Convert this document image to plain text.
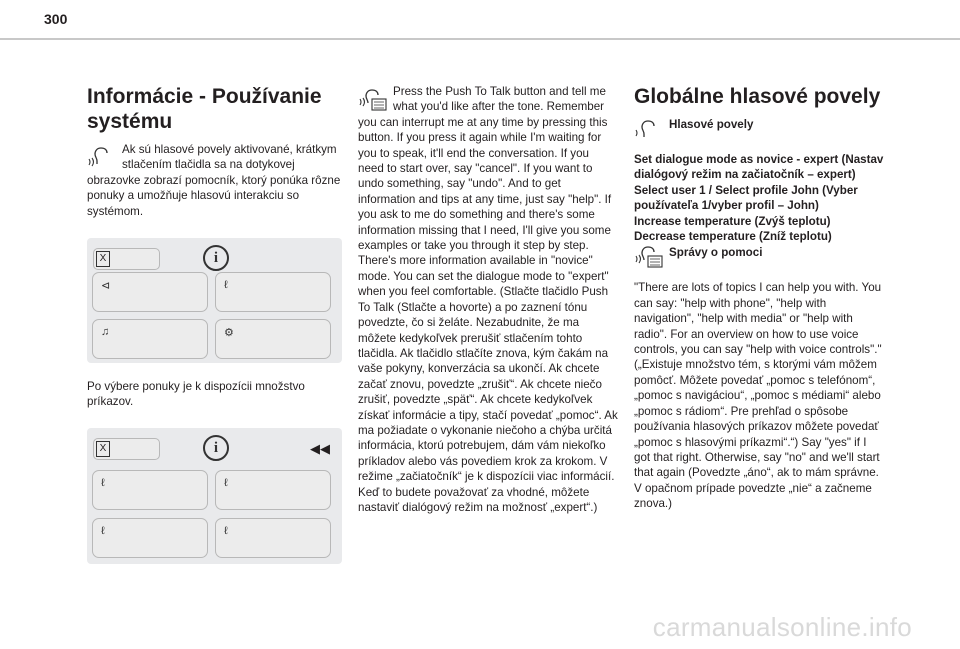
300
Informácie - Používanie systému

Ak sú hlasové povely aktivované, krátkym stlačením tlačidla sa na dotykovej obrazovke zobrazí pomocník, ktorý ponúka rôzne ponuky a umožňuje hlasovú interakciu so systémom.

X	i
⊲	ℓ
♫	⚙

Po výbere ponuky je k dispozícii množstvo príkazov.

X	i	◀◀
ℓ	ℓ
ℓ	ℓ

Press the Push To Talk button and tell me what you'd like after the tone. Remember you can interrupt me at any time by pressing this button. If you press it again while I'm waiting for you to speak, it'll end the conversation. If you need to start over, say "cancel". If you want to undo something, say "undo". And to get information and tips at any time, just say "help". If you ask to me do something and there's some information missing that I need, I'll give you some examples or take you through it step by step. There's more information available in "novice" mode. You can set the dialogue mode to "expert" when you feel comfortable. (Stlačte tlačidlo Push To Talk (Stlačte a hovorte) a po zaznení tónu povedzte, čo si želáte. Nezabudnite, že ma môžete kedykoľvek prerušiť stlačením tohto tlačidla. Ak tlačidlo stlačíte znova, kým čakám na vaše pokyny, konverzácia sa ukončí. Ak chcete začať znovu, povedzte „zrušiť“. Ak chcete niečo zrušiť, povedzte „späť“. Ak chcete kedykoľvek získať informácie a tipy, stačí povedať „pomoc“. Ak ma požiadate o vykonanie niečoho a chýba určitá informácia, ktorú potrebujem, dám vám niekoľko príkladov alebo vás povediem krok za krokom. V režime „začiatočník“ je k dispozícii viac informácií. Keď to budete považovať za vhodné, môžete nastaviť dialógový režim na možnosť „expert“.)

Globálne hlasové povely

Hlasové povely

Set dialogue mode as novice - expert (Nastav dialógový režim na začiatočník – expert)

Select user 1 / Select profile John (Vyber používateľa 1/vyber profil – John)

Increase temperature (Zvýš teplotu)

Decrease temperature (Zníž teplotu)

Správy o pomoci

"There are lots of topics I can help you with. You can say: "help with phone", "help with navigation", "help with media" or "help with radio". For an overview on how to use voice controls, you can say "help with voice controls"." („Existuje množstvo tém, s ktorými vám môžem pomôcť. Môžete povedať „pomoc s telefónom“, „pomoc s navigáciou“, „pomoc s médiami“ alebo „pomoc s rádiom“. Pre prehľad o spôsobe používania hlasových príkazov môžete povedať „pomoc s hlasovými príkazmi“.“) Say "yes" if I got that right. Otherwise, say "no" and we'll start that again (Povedzte „áno“, ak to mám správne. V opačnom prípade povedzte „nie“ a začneme znova.)

carmanualsonline.info
